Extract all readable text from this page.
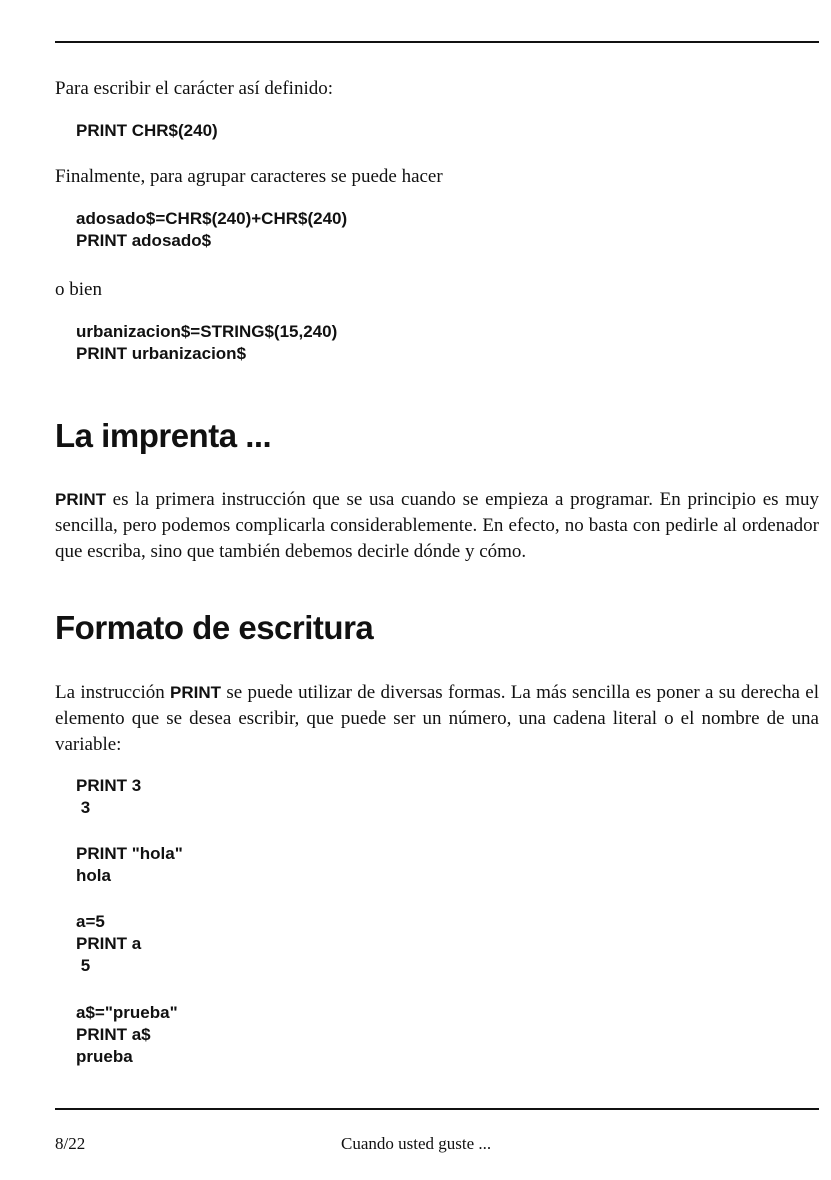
Para escribir el carácter así definido:

PRINT CHR$(240)

Finalmente, para agrupar caracteres se puede hacer

adosado$=CHR$(240)+CHR$(240)
PRINT adosado$

o bien

urbanizacion$=STRING$(15,240)
PRINT urbanizacion$
La imprenta ...

PRINT es la primera instrucción que se usa cuando se empieza a programar. En principio es muy sencilla, pero podemos complicarla considerablemente. En efecto, no basta con pedirle al ordenador que escriba, sino que también debemos decirle dónde y cómo.

Formato de escritura

La instrucción PRINT se puede utilizar de diversas formas. La más sencilla es poner a su derecha el elemento que se desea escribir, que puede ser un número, una cadena literal o el nombre de una variable:

PRINT 3
3
PRINT "hola"
hola
a=5
PRINT a
5
a$="prueba"
PRINT a$
prueba
8/22	Cuando usted guste ...
